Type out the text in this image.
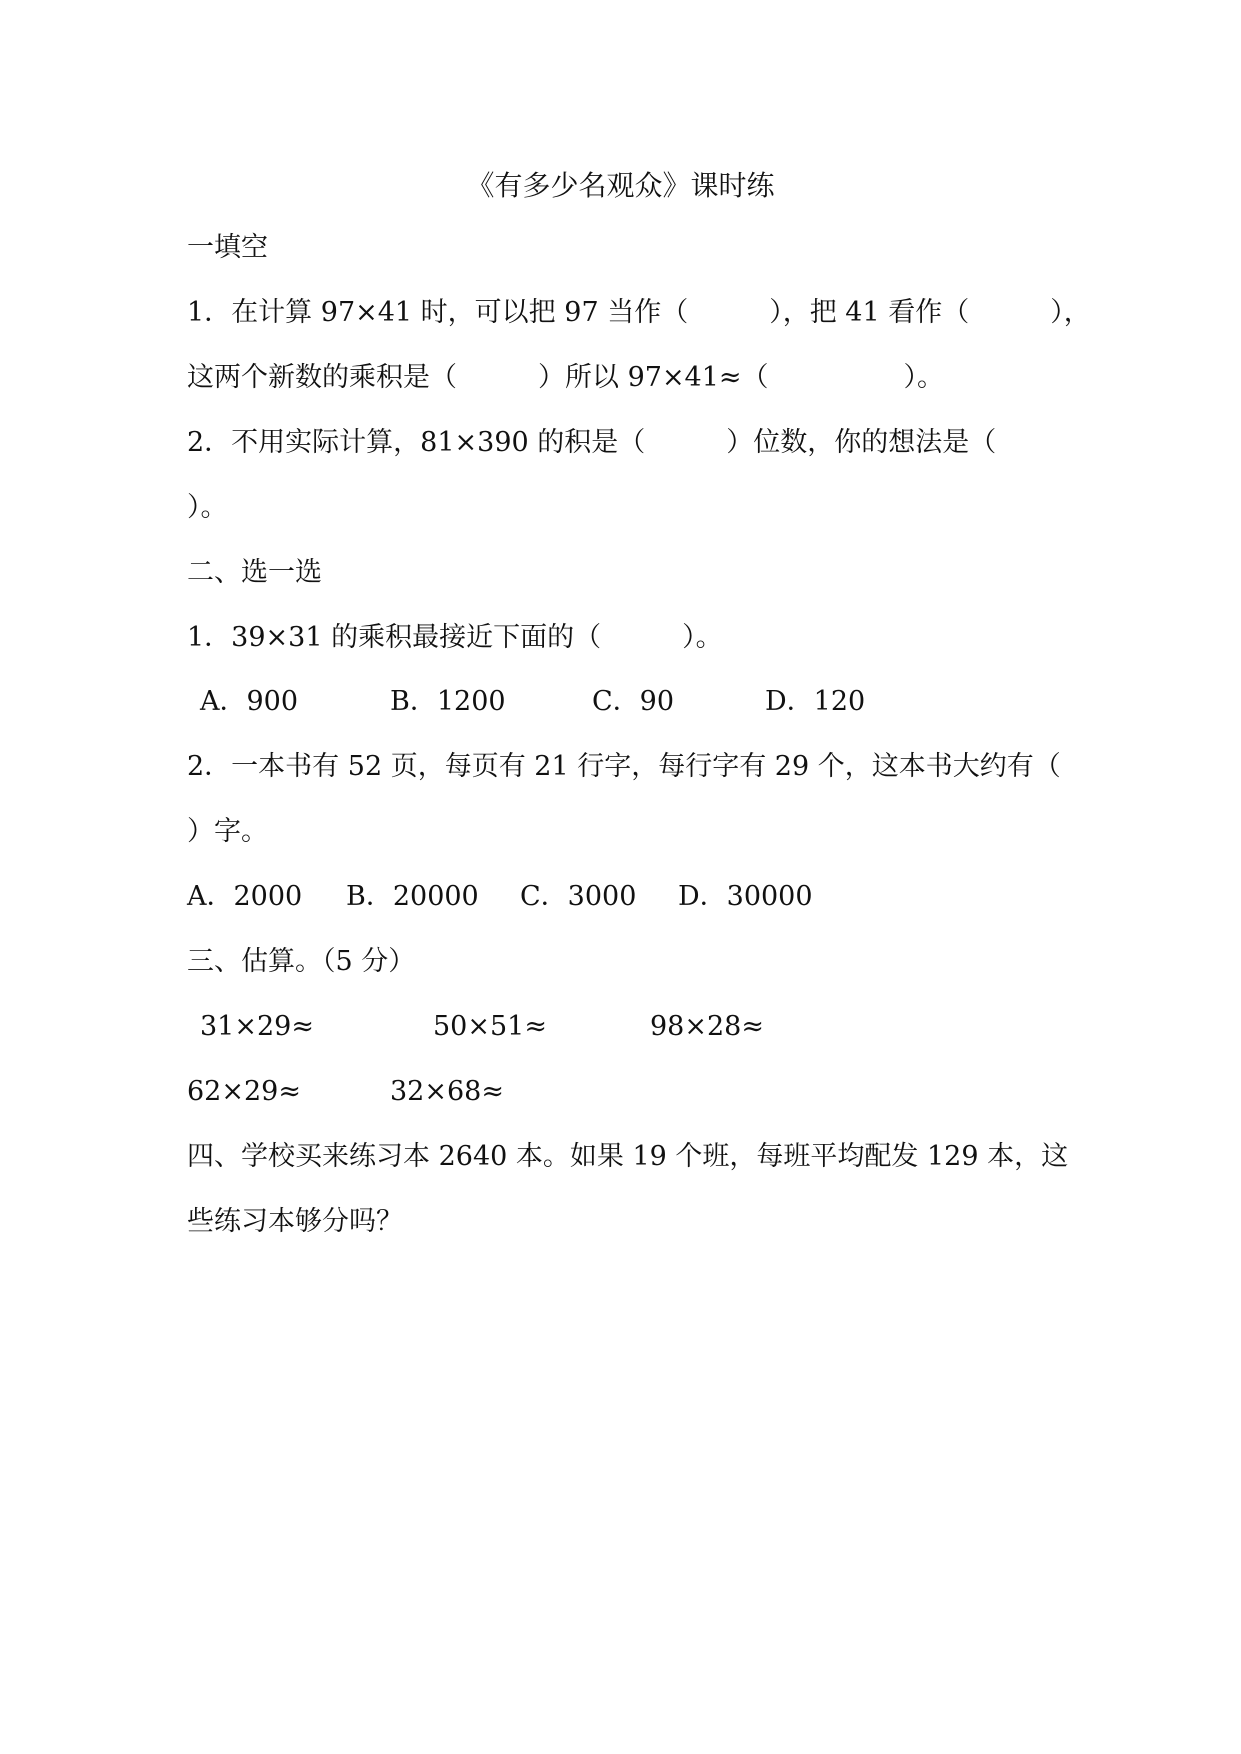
《有多少名观众》课时练
一填空
1．在计算 97×41 时，可以把 97 当作（　　　），把 41 看作（　　　），
这两个新数的乘积是（　　　）所以 97×41≈（　　　　　）。
2．不用实际计算，81×390 的积是（　　　）位数，你的想法是（
）。
二、选一选
1．39×31 的乘积最接近下面的（　　　）。
A．900	B．1200	C．90	D．120
2．一本书有 52 页，每页有 21 行字，每行字有 29 个，这本书大约有（
）字。
A．2000 B．20000 C．3000 D．30000
三、估算。（5 分）
31×29≈	50×51≈	98×28≈
62×29≈	32×68≈
四、学校买来练习本 2640 本。如果 19 个班，每班平均配发 129 本，这
些练习本够分吗？
